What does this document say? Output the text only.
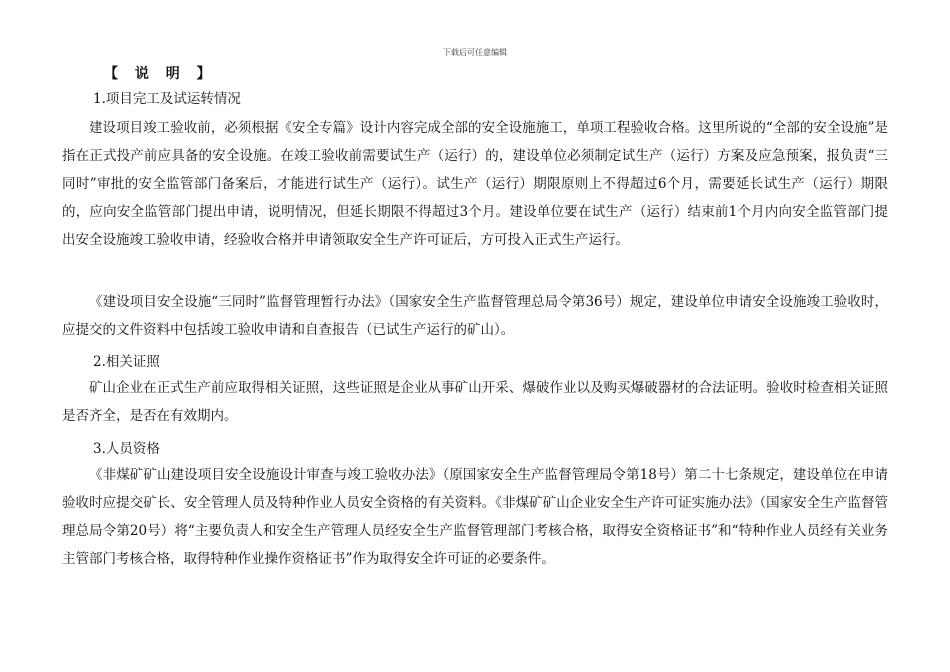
下载后可任意编辑
【 说 明 】
1.项目完工及试运转情况

建设项目竣工验收前，必须根据《安全专篇》设计内容完成全部的安全设施施工，单项工程验收合格。这里所说的“全部的安全设施”是指在正式投产前应具备的安全设施。在竣工验收前需要试生产（运行）的，建设单位必须制定试生产（运行）方案及应急预案，报负责“三同时”审批的安全监管部门备案后，才能进行试生产（运行）。试生产（运行）期限原则上不得超过6个月，需要延长试生产（运行）期限的，应向安全监管部门提出申请，说明情况，但延长期限不得超过3个月。建设单位要在试生产（运行）结束前1个月内向安全监管部门提出安全设施竣工验收申请，经验收合格并申请领取安全生产许可证后，方可投入正式生产运行。

《建设项目安全设施“三同时”监督管理暂行办法》（国家安全生产监督管理总局令第36号）规定，建设单位申请安全设施竣工验收时，应提交的文件资料中包括竣工验收申请和自查报告（已试生产运行的矿山）。

2.相关证照

矿山企业在正式生产前应取得相关证照，这些证照是企业从事矿山开采、爆破作业以及购买爆破器材的合法证明。验收时检查相关证照是否齐全，是否在有效期内。

3.人员资格

《非煤矿矿山建设项目安全设施设计审查与竣工验收办法》（原国家安全生产监督管理局令第18号）第二十七条规定，建设单位在申请验收时应提交矿长、安全管理人员及特种作业人员安全资格的有关资料。《非煤矿矿山企业安全生产许可证实施办法》（国家安全生产监督管理总局令第20号）将“主要负责人和安全生产管理人员经安全生产监督管理部门考核合格，取得安全资格证书”和“特种作业人员经有关业务主管部门考核合格，取得特种作业操作资格证书”作为取得安全许可证的必要条件。
